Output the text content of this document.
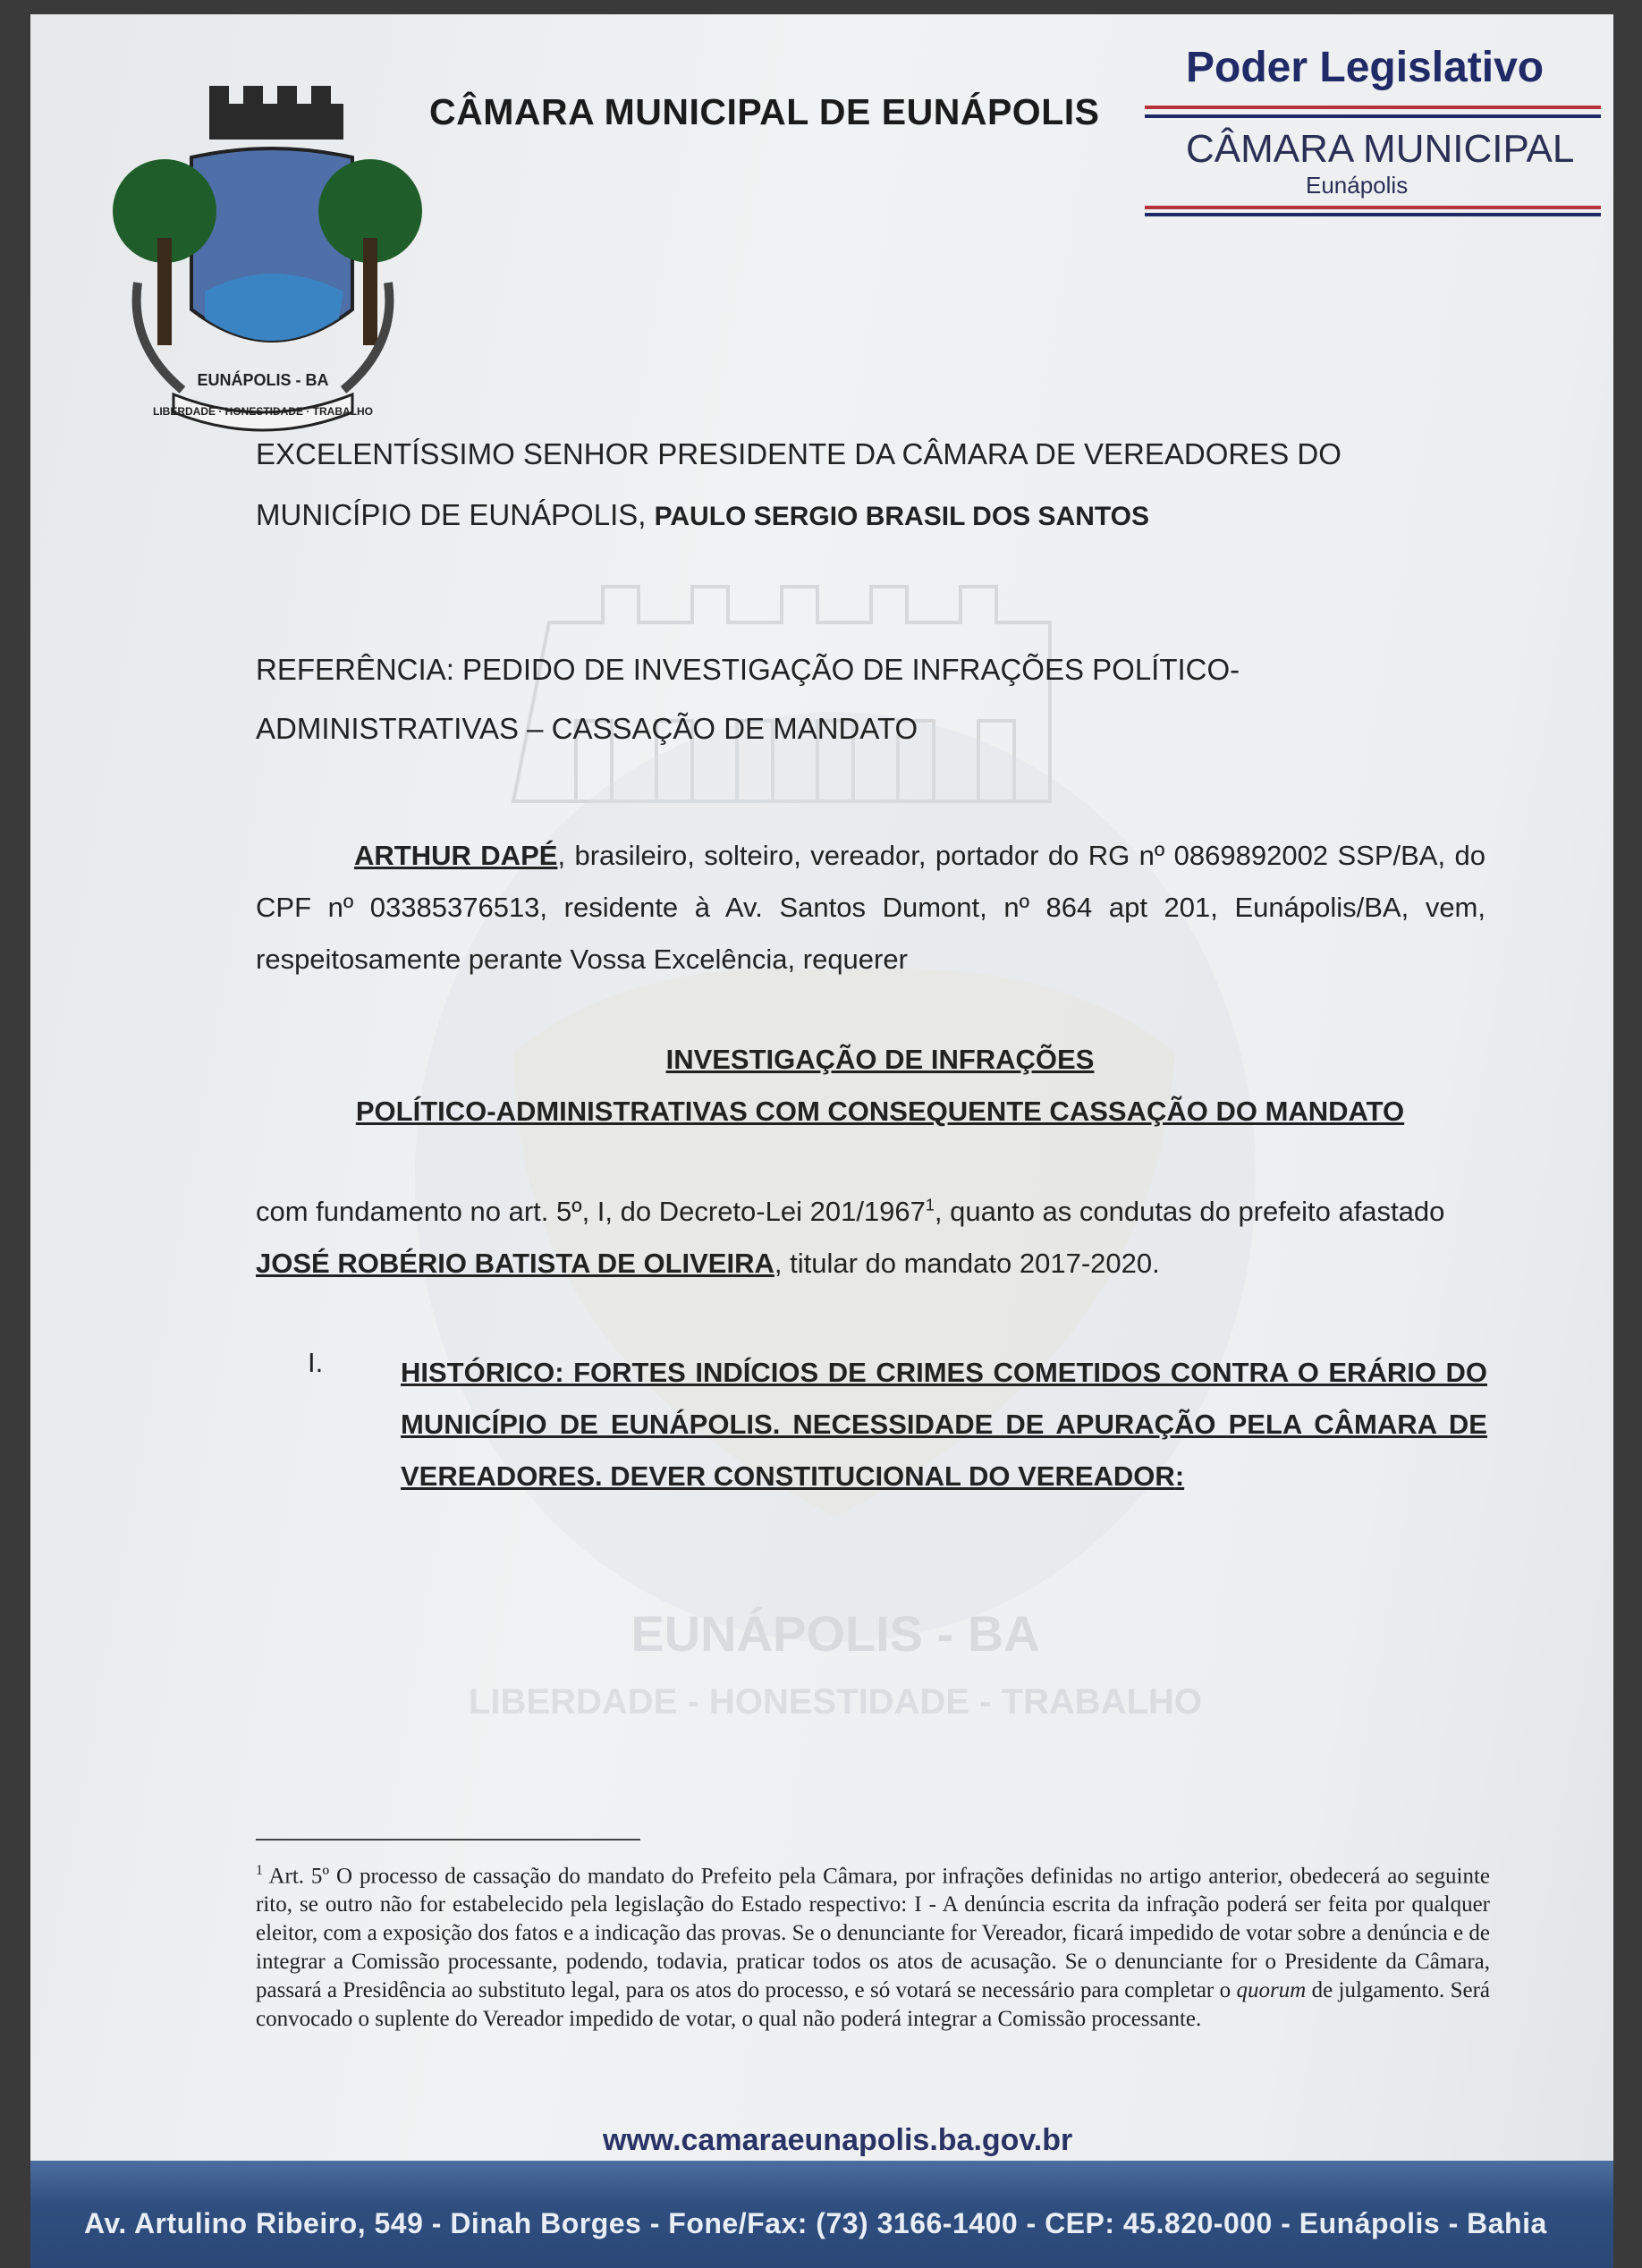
EUNÁPOLIS - BA
LIBERDADE - HONESTIDADE - TRABALHO
EUNÁPOLIS - BA
LIBERDADE · HONESTIDADE · TRABALHO
CÂMARA MUNICIPAL DE EUNÁPOLIS
Poder Legislativo
CÂMARA MUNICIPAL
Eunápolis
EXCELENTÍSSIMO SENHOR PRESIDENTE DA CÂMARA DE VEREADORES DO
MUNICÍPIO DE EUNÁPOLIS, PAULO SERGIO BRASIL DOS SANTOS
REFERÊNCIA: PEDIDO DE INVESTIGAÇÃO DE INFRAÇÕES POLÍTICO-
ADMINISTRATIVAS – CASSAÇÃO DE MANDATO
ARTHUR DAPÉ, brasileiro, solteiro, vereador, portador do RG nº 0869892002 SSP/BA, do CPF nº 03385376513, residente à Av. Santos Dumont, nº 864 apt 201, Eunápolis/BA, vem, respeitosamente perante Vossa Excelência, requerer
INVESTIGAÇÃO DE INFRAÇÕES
POLÍTICO-ADMINISTRATIVAS COM CONSEQUENTE CASSAÇÃO DO MANDATO
com fundamento no art. 5º, I, do Decreto-Lei 201/1967$^1$, quanto as condutas do prefeito afastado JOSÉ ROBÉRIO BATISTA DE OLIVEIRA, titular do mandato 2017-2020.
I.	HISTÓRICO: FORTES INDÍCIOS DE CRIMES COMETIDOS CONTRA O ERÁRIO DO MUNICÍPIO DE EUNÁPOLIS. NECESSIDADE DE APURAÇÃO PELA CÂMARA DE VEREADORES. DEVER CONSTITUCIONAL DO VEREADOR:
$^1$ Art. 5º O processo de cassação do mandato do Prefeito pela Câmara, por infrações definidas no artigo anterior, obedecerá ao seguinte rito, se outro não for estabelecido pela legislação do Estado respectivo: I - A denúncia escrita da infração poderá ser feita por qualquer eleitor, com a exposição dos fatos e a indicação das provas. Se o denunciante for Vereador, ficará impedido de votar sobre a denúncia e de integrar a Comissão processante, podendo, todavia, praticar todos os atos de acusação. Se o denunciante for o Presidente da Câmara, passará a Presidência ao substituto legal, para os atos do processo, e só votará se necessário para completar o quorum de julgamento. Será convocado o suplente do Vereador impedido de votar, o qual não poderá integrar a Comissão processante.
www.camaraeunapolis.ba.gov.br
Av. Artulino Ribeiro, 549 - Dinah Borges - Fone/Fax: (73) 3166-1400 - CEP: 45.820-000 - Eunápolis - Bahia
